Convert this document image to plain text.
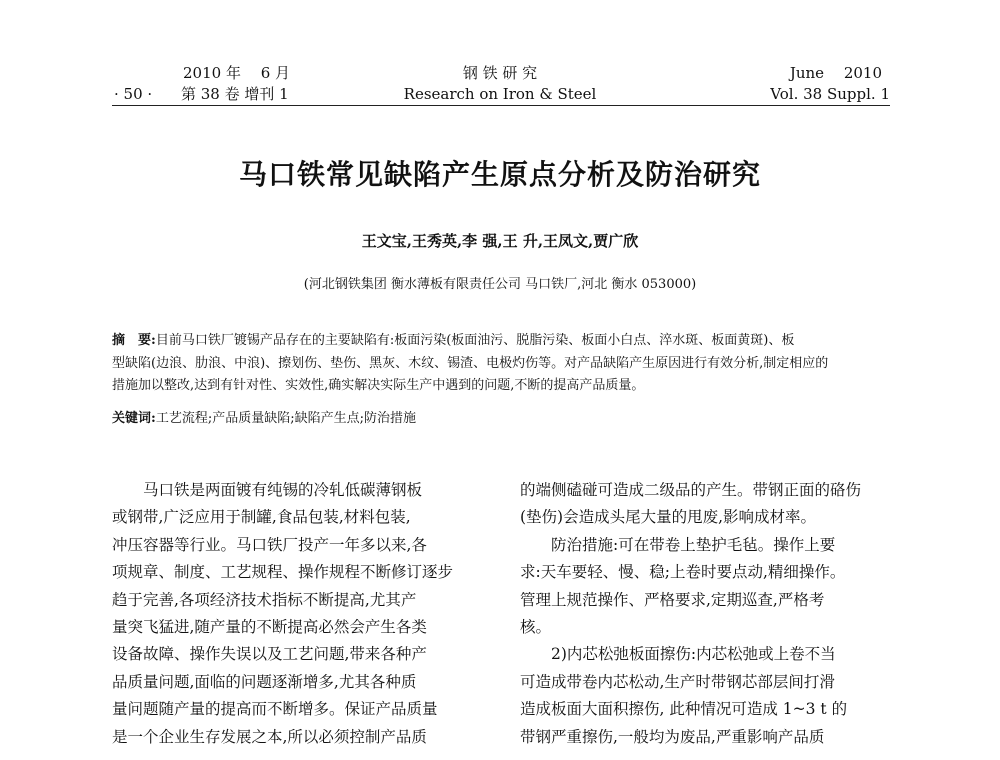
2010 年　 6 月
· 50 · 第 38 卷 增刊 1
钢 铁 研 究
Research on Iron & Steel
June　 2010
Vol. 38 Suppl. 1
马口铁常见缺陷产生原点分析及防治研究
王文宝,王秀英,李 强,王 升,王凤文,贾广欣
(河北钢铁集团 衡水薄板有限责任公司 马口铁厂,河北 衡水 053000)
摘　要:目前马口铁厂镀锡产品存在的主要缺陷有:板面污染(板面油污、脱脂污染、板面小白点、淬水斑、板面黄斑)、板
型缺陷(边浪、肋浪、中浪)、擦划伤、垫伤、黑灰、木纹、锡渣、电极灼伤等。对产品缺陷产生原因进行有效分析,制定相应的
措施加以整改,达到有针对性、实效性,确实解决实际生产中遇到的问题,不断的提高产品质量。
关键词:工艺流程;产品质量缺陷;缺陷产生点;防治措施
　　马口铁是两面镀有纯锡的冷轧低碳薄钢板
或钢带,广泛应用于制罐,食品包装,材料包装,
冲压容器等行业。马口铁厂投产一年多以来,各
项规章、制度、工艺规程、操作规程不断修订逐步
趋于完善,各项经济技术指标不断提高,尤其产
量突飞猛进,随产量的不断提高必然会产生各类
设备故障、操作失误以及工艺问题,带来各种产
品质量问题,面临的问题逐渐增多,尤其各种质
量问题随产量的提高而不断增多。保证产品质量
是一个企业生存发展之本,所以必须控制产品质
的端侧磕碰可造成二级品的产生。带钢正面的硌伤
(垫伤)会造成头尾大量的甩废,影响成材率。
　　防治措施:可在带卷上垫护毛毡。操作上要
求:天车要轻、慢、稳;上卷时要点动,精细操作。
管理上规范操作、严格要求,定期巡查,严格考
核。
　　2)内芯松弛板面擦伤:内芯松弛或上卷不当
可造成带卷内芯松动,生产时带钢芯部层间打滑
造成板面大面积擦伤, 此种情况可造成 1~3 t 的
带钢严重擦伤,一般均为废品,严重影响产品质
